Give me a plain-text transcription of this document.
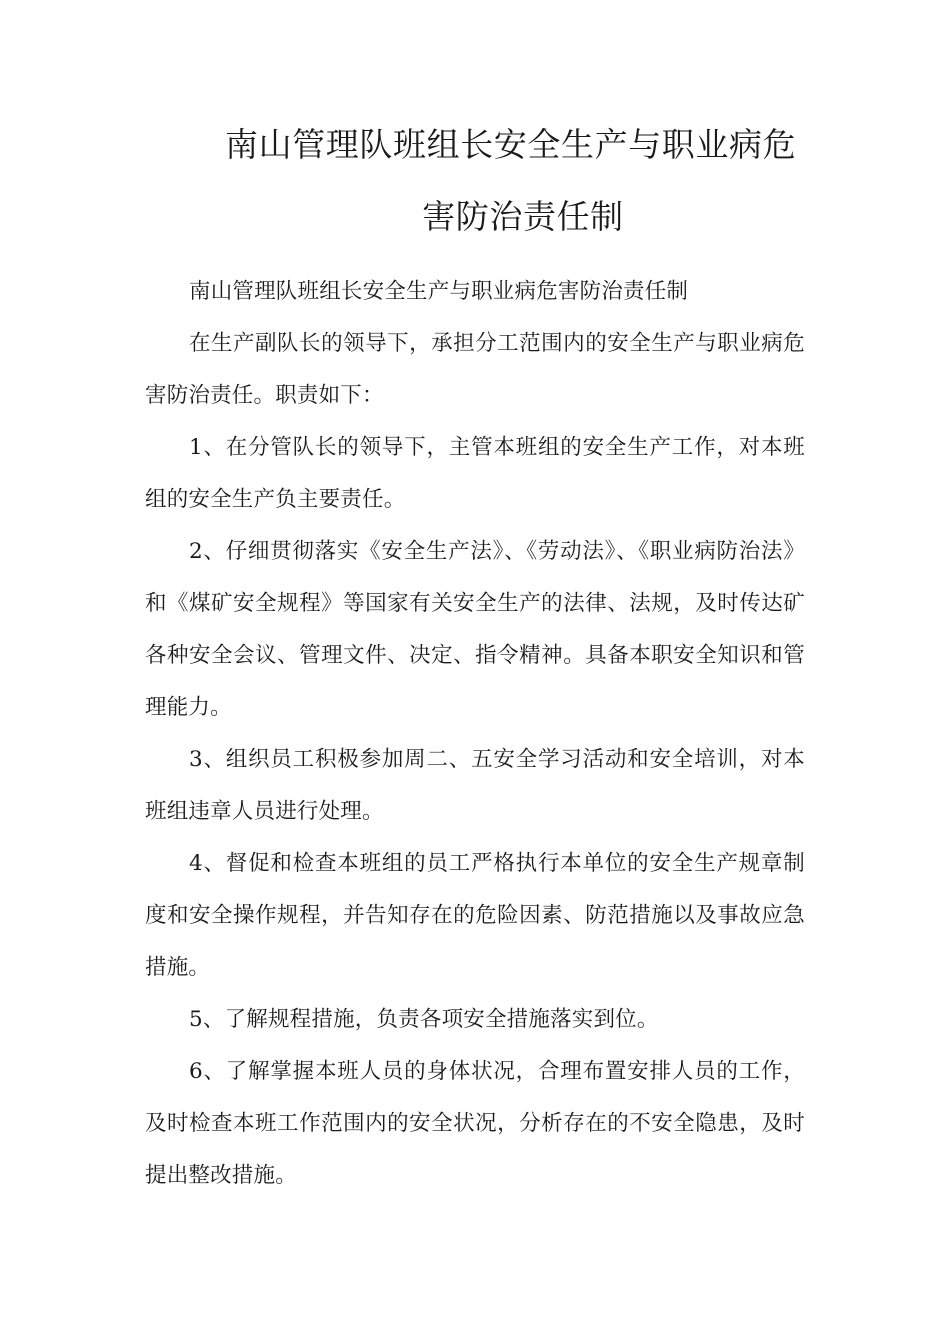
南山管理队班组长安全生产与职业病危
害防治责任制

南山管理队班组长安全生产与职业病危害防治责任制

在生产副队长的领导下，承担分工范围内的安全生产与职业病危害防治责任。职责如下：

1、在分管队长的领导下，主管本班组的安全生产工作，对本班组的安全生产负主要责任。

2、仔细贯彻落实《安全生产法》、《劳动法》、《职业病防治法》和《煤矿安全规程》等国家有关安全生产的法律、法规，及时传达矿各种安全会议、管理文件、决定、指令精神。具备本职安全知识和管理能力。

3、组织员工积极参加周二、五安全学习活动和安全培训，对本班组违章人员进行处理。

4、督促和检查本班组的员工严格执行本单位的安全生产规章制度和安全操作规程，并告知存在的危险因素、防范措施以及事故应急措施。

5、了解规程措施，负责各项安全措施落实到位。

6、了解掌握本班人员的身体状况，合理布置安排人员的工作，及时检查本班工作范围内的安全状况，分析存在的不安全隐患，及时提出整改措施。
